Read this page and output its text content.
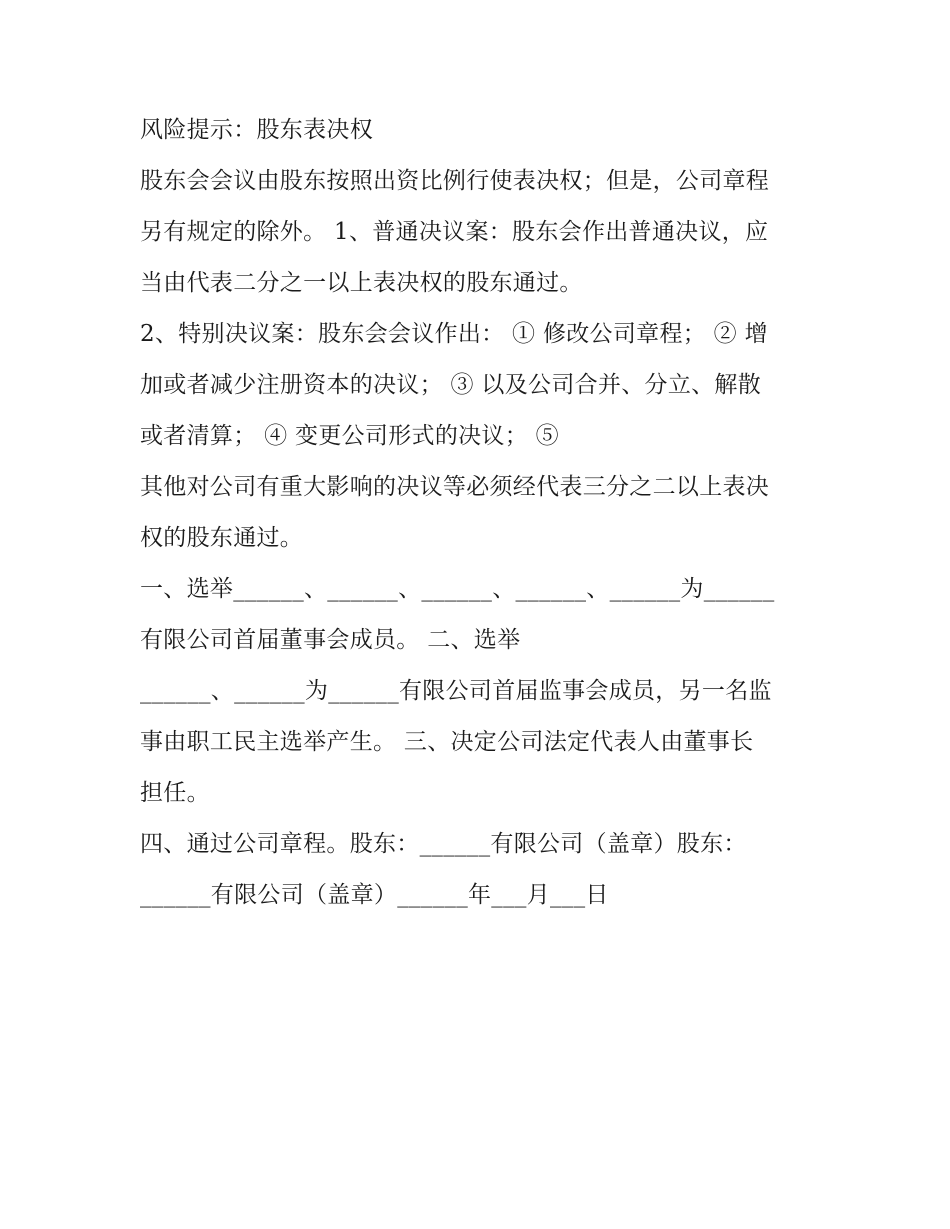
风险提示：股东表决权
股东会会议由股东按照出资比例行使表决权；但是，公司章程
另有规定的除外。 1、普通决议案：股东会作出普通决议，应
当由代表二分之一以上表决权的股东通过。
2、特别决议案：股东会会议作出： ① 修改公司章程； ② 增
加或者减少注册资本的决议； ③ 以及公司合并、分立、解散
或者清算； ④ 变更公司形式的决议； ⑤
其他对公司有重大影响的决议等必须经代表三分之二以上表决
权的股东通过。
一、选举______、______、______、______、______为______
有限公司首届董事会成员。 二、选举
______、______为______有限公司首届监事会成员，另一名监
事由职工民主选举产生。 三、决定公司法定代表人由董事长
担任。
四、通过公司章程。股东：______有限公司（盖章）股东：
______有限公司（盖章）______年___月___日
